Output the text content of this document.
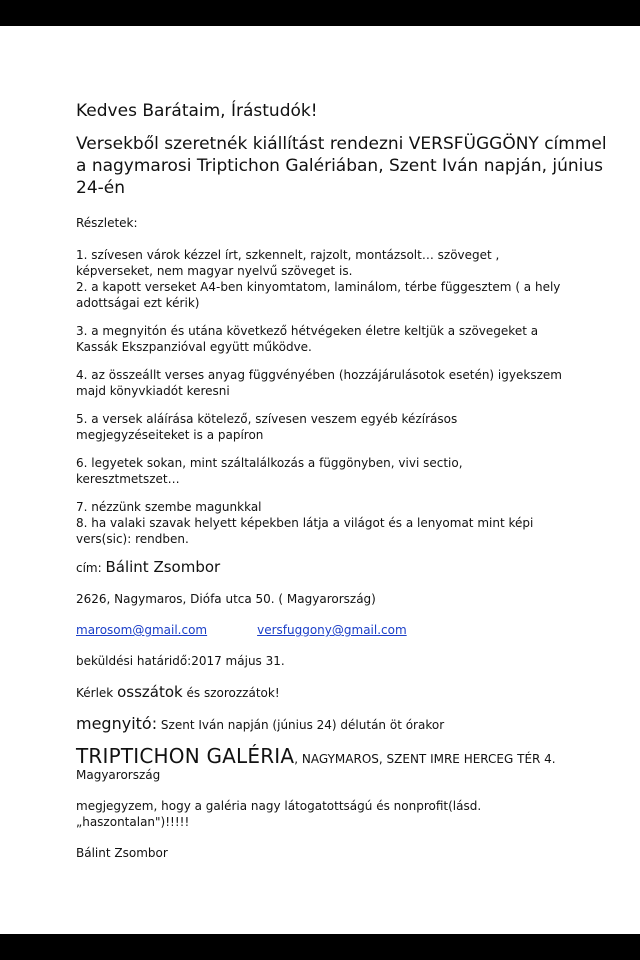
Kedves Barátaim, Írástudók!
Versekből szeretnék kiállítást rendezni VERSFÜGGÖNY címmel a nagymarosi Triptichon Galériában, Szent Iván napján, június 24-én
Részletek:
1. szívesen várok kézzel írt, szkennelt, rajzolt, montázsolt… szöveget ,
képverseket, nem magyar nyelvű szöveget is.
2. a kapott verseket A4-ben kinyomtatom, laminálom, térbe függesztem ( a hely
adottságai ezt kérik)
3. a megnyitón és utána következő hétvégeken életre keltjük a szövegeket a
Kassák Ekszpanzióval együtt működve.
4. az összeállt verses anyag függvényében (hozzájárulásotok esetén) igyekszem
majd könyvkiadót keresni
5. a versek aláírása kötelező, szívesen veszem egyéb kézírásos
megjegyzéseiteket is a papíron
6. legyetek sokan, mint száltalálkozás a függönyben, vivi sectio,
keresztmetszet…
7. nézzünk szembe magunkkal
8. ha valaki szavak helyett képekben látja a világot és a lenyomat mint képi
vers(sic): rendben.
cím: Bálint Zsombor
2626, Nagymaros, Diófa utca 50. ( Magyarország)
marosom@gmail.com	versfuggony@gmail.com
beküldési határidő:2017 május 31.
Kérlek osszátok és szorozzátok!
megnyitó: Szent Iván napján (június 24) délután öt órakor
TRIPTICHON GALÉRIA, NAGYMAROS, SZENT IMRE HERCEG TÉR 4.
Magyarország
megjegyzem, hogy a galéria nagy látogatottságú és nonprofit(lásd.
„haszontalan")!!!!!
Bálint Zsombor
